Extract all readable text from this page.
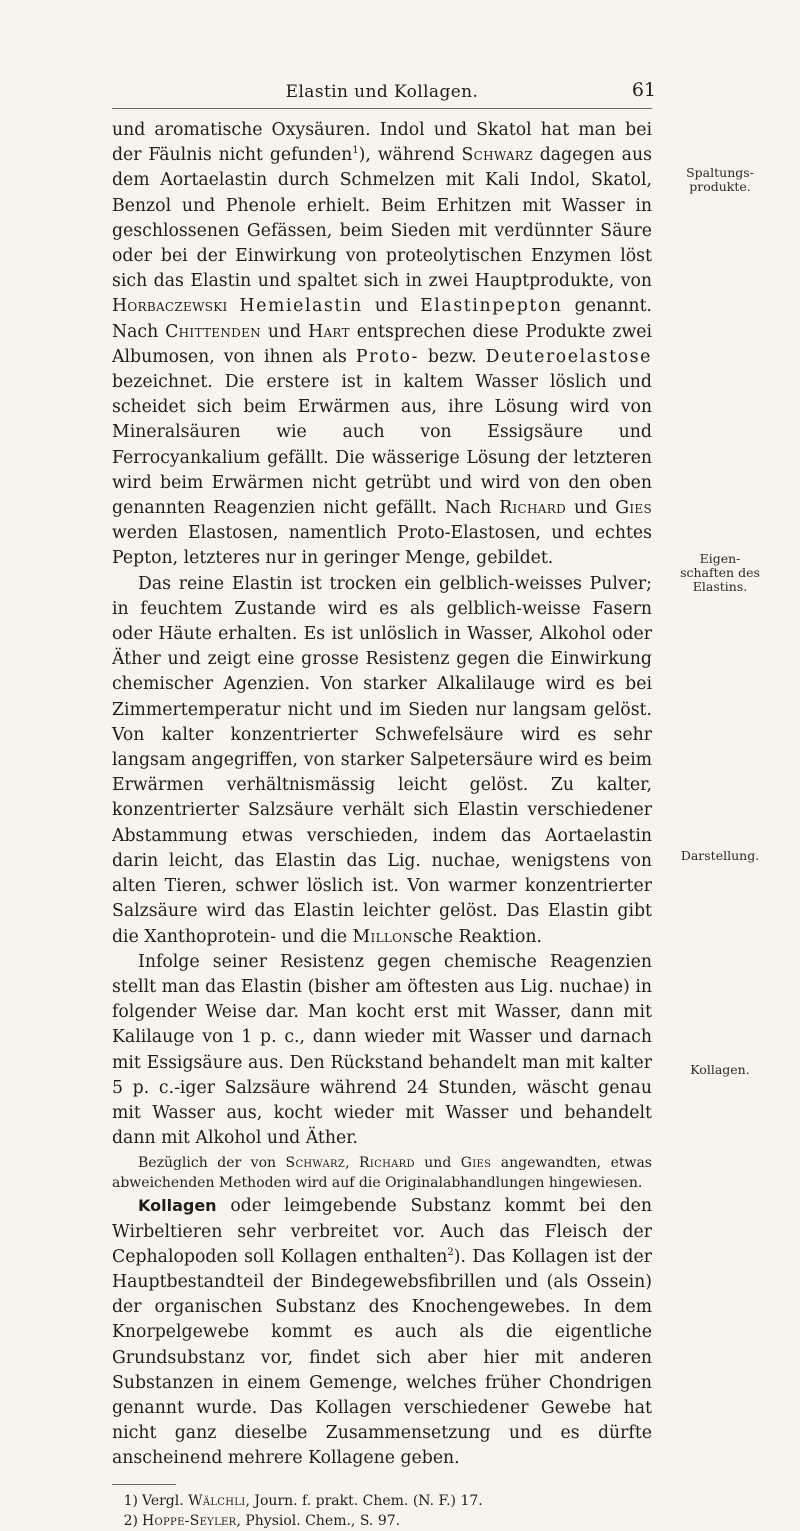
Elastin und Kollagen.	61

und aromatische Oxysäuren. Indol und Skatol hat man bei der Fäulnis nicht gefunden$^1$), während Schwarz dagegen aus dem Aortaelastin durch Schmelzen mit Kali Indol, Skatol, Benzol und Phenole erhielt. Beim Erhitzen mit Wasser in geschlossenen Gefässen, beim Sieden mit verdünnter Säure oder bei der Einwirkung von proteolytischen Enzymen löst sich das Elastin und spaltet sich in zwei Hauptprodukte, von Horbaczewski Hemielastin und Elastinpepton genannt. Nach Chittenden und Hart entsprechen diese Produkte zwei Albumosen, von ihnen als Proto- bezw. Deuteroelastose bezeichnet. Die erstere ist in kaltem Wasser löslich und scheidet sich beim Erwärmen aus, ihre Lösung wird von Mineralsäuren wie auch von Essigsäure und Ferrocyankalium gefällt. Die wässerige Lösung der letzteren wird beim Erwärmen nicht getrübt und wird von den oben genannten Reagenzien nicht gefällt. Nach Richard und Gies werden Elastosen, namentlich Proto-Elastosen, und echtes Pepton, letzteres nur in geringer Menge, gebildet.

Das reine Elastin ist trocken ein gelblich-weisses Pulver; in feuchtem Zustande wird es als gelblich-weisse Fasern oder Häute erhalten. Es ist unlöslich in Wasser, Alkohol oder Äther und zeigt eine grosse Resistenz gegen die Einwirkung chemischer Agenzien. Von starker Alkalilauge wird es bei Zimmertemperatur nicht und im Sieden nur langsam gelöst. Von kalter konzentrierter Schwefelsäure wird es sehr langsam angegriffen, von starker Salpetersäure wird es beim Erwärmen verhältnismässig leicht gelöst. Zu kalter, konzentrierter Salzsäure verhält sich Elastin verschiedener Abstammung etwas verschieden, indem das Aortaelastin darin leicht, das Elastin das Lig. nuchae, wenigstens von alten Tieren, schwer löslich ist. Von warmer konzentrierter Salzsäure wird das Elastin leichter gelöst. Das Elastin gibt die Xanthoprotein- und die Millonsche Reaktion.

Infolge seiner Resistenz gegen chemische Reagenzien stellt man das Elastin (bisher am öftesten aus Lig. nuchae) in folgender Weise dar. Man kocht erst mit Wasser, dann mit Kalilauge von 1 p. c., dann wieder mit Wasser und darnach mit Essigsäure aus. Den Rückstand behandelt man mit kalter 5 p. c.-iger Salzsäure während 24 Stunden, wäscht genau mit Wasser aus, kocht wieder mit Wasser und behandelt dann mit Alkohol und Äther.

Bezüglich der von Schwarz, Richard und Gies angewandten, etwas abweichenden Methoden wird auf die Originalabhandlungen hingewiesen.

Kollagen oder leimgebende Substanz kommt bei den Wirbeltieren sehr verbreitet vor. Auch das Fleisch der Cephalopoden soll Kollagen enthalten$^2$). Das Kollagen ist der Hauptbestandteil der Bindegewebsfibrillen und (als Ossein) der organischen Substanz des Knochengewebes. In dem Knorpelgewebe kommt es auch als die eigentliche Grundsubstanz vor, findet sich aber hier mit anderen Substanzen in einem Gemenge, welches früher Chondrigen genannt wurde. Das Kollagen verschiedener Gewebe hat nicht ganz dieselbe Zusammensetzung und es dürfte anscheinend mehrere Kollagene geben.

1) Vergl. Wälchli, Journ. f. prakt. Chem. (N. F.) 17.

2) Hoppe-Seyler, Physiol. Chem., S. 97.

Spaltungs-
produkte.
Eigen-
schaften des
Elastins.
Darstellung.
Kollagen.
